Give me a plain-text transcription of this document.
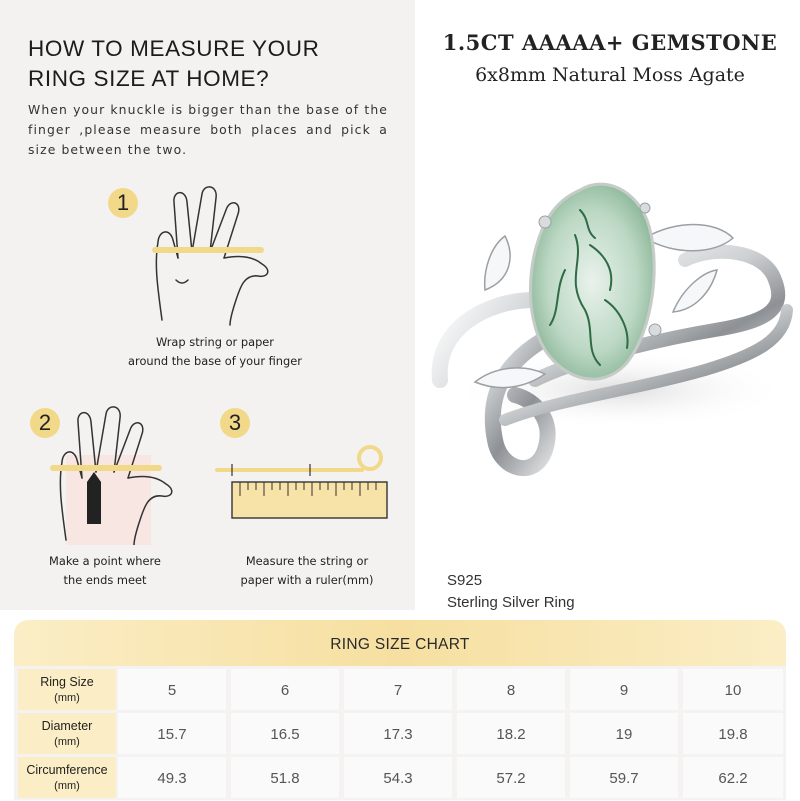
HOW TO MEASURE YOUR
RING SIZE AT HOME?
When your knuckle is bigger than the base of the finger ,please measure both places and pick a size between the two.
1
Wrap string or paper
around the base of your finger
2
Make a point where
the ends meet
3
Measure the string or
paper with a ruler(mm)
1.5CT AAAAA+ GEMSTONE
6x8mm Natural Moss Agate
S925
Sterling Silver Ring
RING SIZE CHART
Ring Size
(mm)	5	6	7	8	9	10
Diameter
(mm)	15.7	16.5	17.3	18.2	19	19.8
Circumference
(mm)	49.3	51.8	54.3	57.2	59.7	62.2
